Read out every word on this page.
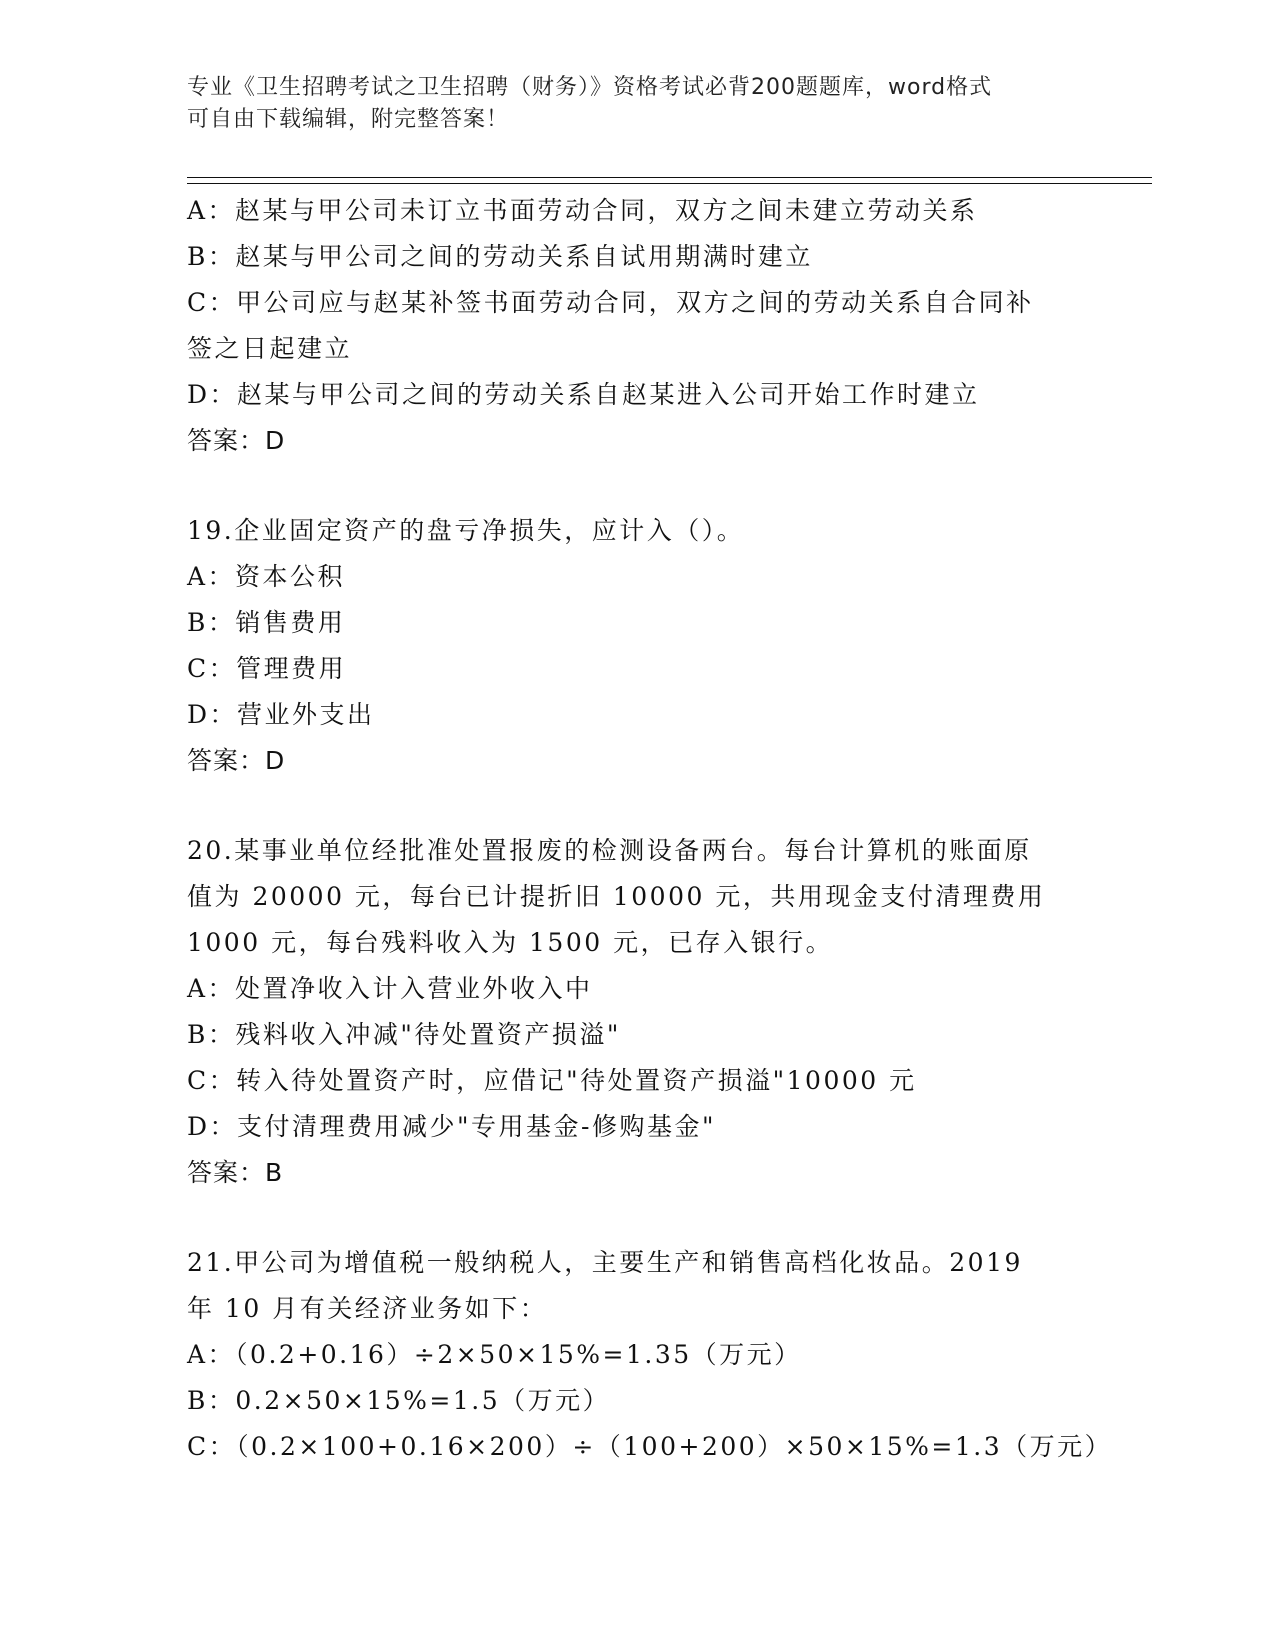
专业《卫生招聘考试之卫生招聘（财务）》资格考试必背200题题库，word格式
可自由下载编辑，附完整答案！
A：赵某与甲公司未订立书面劳动合同，双方之间未建立劳动关系
B：赵某与甲公司之间的劳动关系自试用期满时建立
C：甲公司应与赵某补签书面劳动合同，双方之间的劳动关系自合同补
签之日起建立
D：赵某与甲公司之间的劳动关系自赵某进入公司开始工作时建立
答案：D
19.企业固定资产的盘亏净损失，应计入（）。
A：资本公积
B：销售费用
C：管理费用
D：营业外支出
答案：D
20.某事业单位经批准处置报废的检测设备两台。每台计算机的账面原
值为 20000 元，每台已计提折旧 10000 元，共用现金支付清理费用
1000 元，每台残料收入为 1500 元，已存入银行。
A：处置净收入计入营业外收入中
B：残料收入冲减"待处置资产损溢"
C：转入待处置资产时，应借记"待处置资产损溢"10000 元
D：支付清理费用减少"专用基金-修购基金"
答案：B
21.甲公司为增值税一般纳税人，主要生产和销售高档化妆品。2019
年 10 月有关经济业务如下：
A：（0.2+0.16）÷2×50×15%=1.35（万元）
B：0.2×50×15%=1.5（万元）
C：（0.2×100+0.16×200）÷（100+200）×50×15%=1.3（万元）
